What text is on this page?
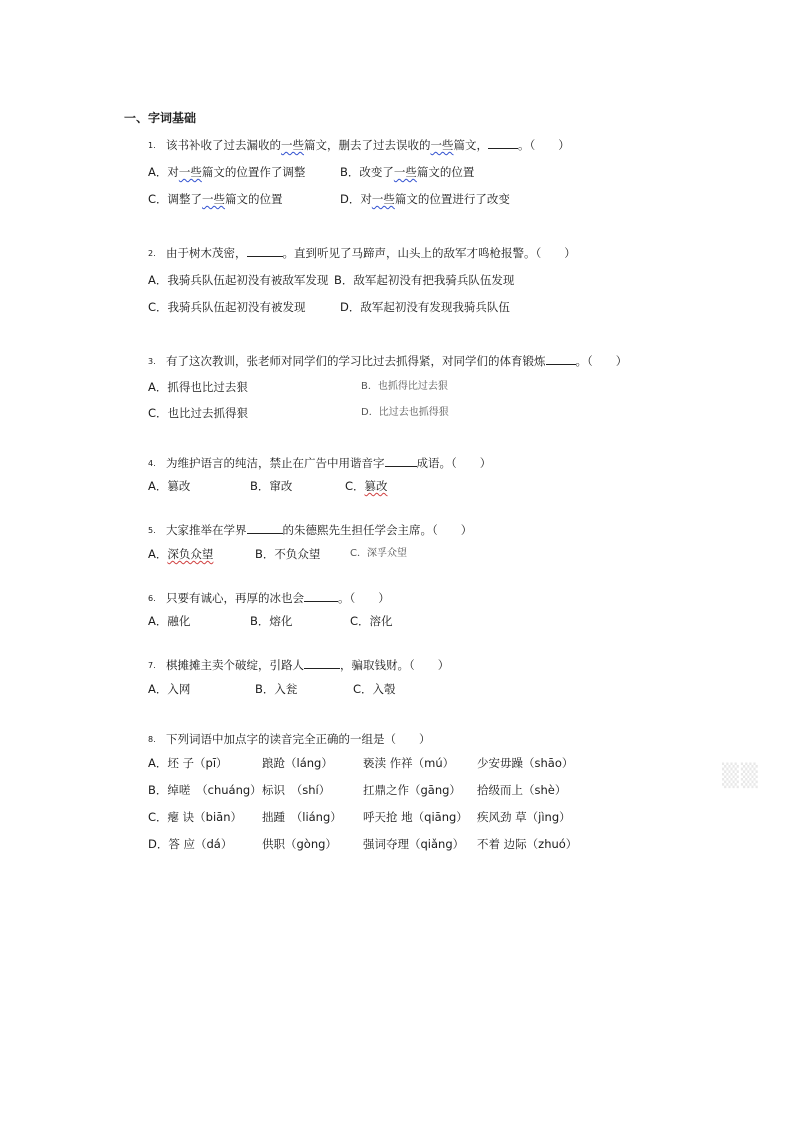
一、字词基础
1. 该书补收了过去漏收的一些篇文，删去了过去误收的一些篇文，	。（　　）
A．对一些篇文的位置作了调整	B．改变了一些篇文的位置
C．调整了一些篇文的位置	D．对一些篇文的位置进行了改变
2. 由于树木茂密，	。直到听见了马蹄声，山头上的敌军才鸣枪报警。（　　）
A．我骑兵队伍起初没有被敌军发现 B．敌军起初没有把我骑兵队伍发现
C．我骑兵队伍起初没有被发现	D．敌军起初没有发现我骑兵队伍
3. 有了这次教训，张老师对同学们的学习比过去抓得紧，对同学们的体育锻炼	。（　　）
A．抓得也比过去狠	B．也抓得比过去狠
C．也比过去抓得狠	D．比过去也抓得狠
4. 为维护语言的纯洁，禁止在广告中用谐音字	成语。（　　）
A．篡改	B．窜改	C．篡改
5. 大家推举在学界	的朱德熙先生担任学会主席。（　　）
A．深负众望	B．不负众望	C．深孚众望
6. 只要有诚心，再厚的冰也会	。（　　）
A．融化	B．熔化	C．溶化
7. 棋摊摊主卖个破绽，引路人	，骗取钱财。（　　）
A．入网	B．入瓮	C．入彀
8. 下列词语中加点字的读音完全正确的一组是（　　）
A．坯 子（pī）	踉跄（láng）	亵渎 作祥（mú） 少安毋躁（shāo）
B．绰嗟　（chuáng） 标识　（shí）	扛鼎之作（gāng） 拾级而上（shè）
C．瘪 诀（biān） 拙踵　（liáng） 呼天抢 地（qiāng） 疾风劲 草（jìng）
D．答 应（dá）	供职（gòng） 强词夺理（qiǎng） 不着 边际（zhuó）
▒▒
